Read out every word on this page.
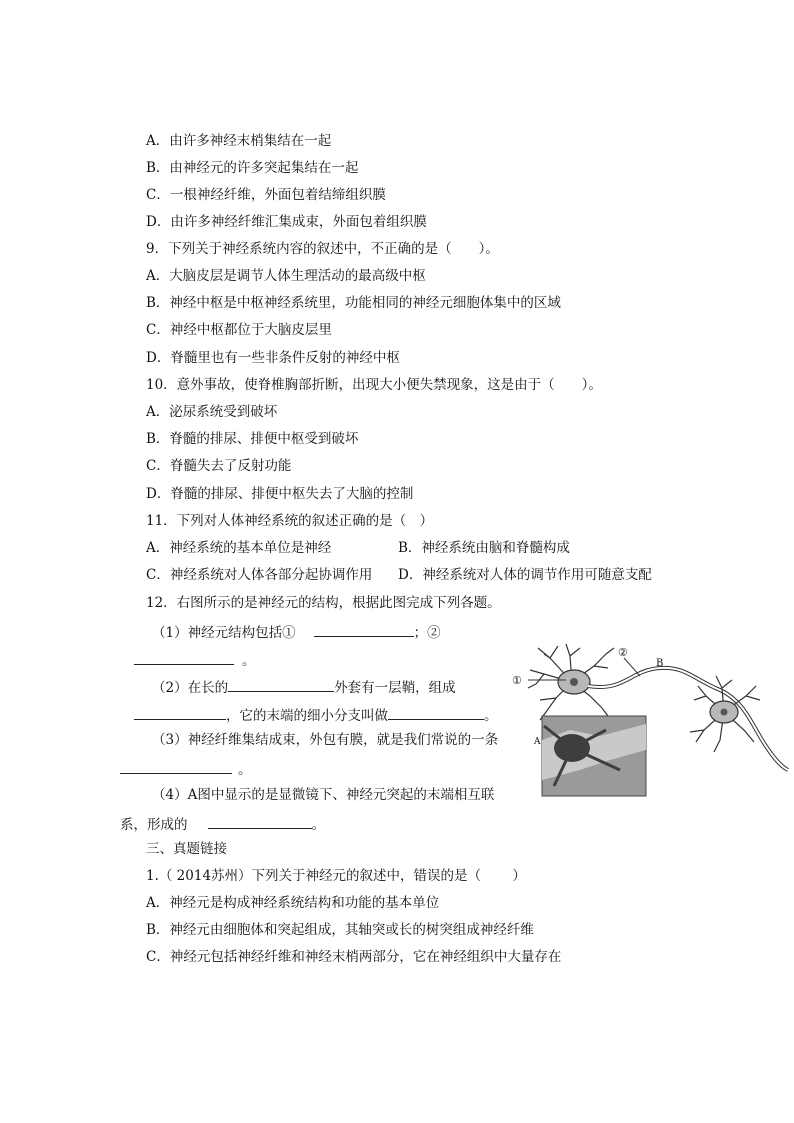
A．由许多神经末梢集结在一起
B．由神经元的许多突起集结在一起
C．一根神经纤维，外面包着结缔组织膜
D．由许多神经纤维汇集成束，外面包着组织膜
9．下列关于神经系统内容的叙述中，不正确的是（　　）。
A．大脑皮层是调节人体生理活动的最高级中枢
B．神经中枢是中枢神经系统里，功能相同的神经元细胞体集中的区域
C．神经中枢都位于大脑皮层里
D．脊髓里也有一些非条件反射的神经中枢
10．意外事故，使脊椎胸部折断，出现大小便失禁现象，这是由于（　　）。
A．泌尿系统受到破坏
B．脊髓的排尿、排便中枢受到破坏
C．脊髓失去了反射功能
D．脊髓的排尿、排便中枢失去了大脑的控制
11．下列对人体神经系统的叙述正确的是（　）
A．神经系统的基本单位是神经	B．神经系统由脑和脊髓构成
C．神经系统对人体各部分起协调作用 D．神经系统对人体的调节作用可随意支配
12．右图所示的是神经元的结构，根据此图完成下列各题。
（1）神经元结构包括①	；②
。
（2）在长的	外套有一层鞘，组成
，它的末端的细小分支叫做	。
（3）神经纤维集结成束，外包有膜，就是我们常说的一条
。
（4）A图中显示的是显微镜下、神经元突起的末端相互联
系，形成的	。
①
②
B
A
三、真题链接
1.（ 2014苏州）下列关于神经元的叙述中，错误的是（　　 ）
A．神经元是构成神经系统结构和功能的基本单位
B．神经元由细胞体和突起组成，其轴突或长的树突组成神经纤维
C．神经元包括神经纤维和神经末梢两部分，它在神经组织中大量存在
